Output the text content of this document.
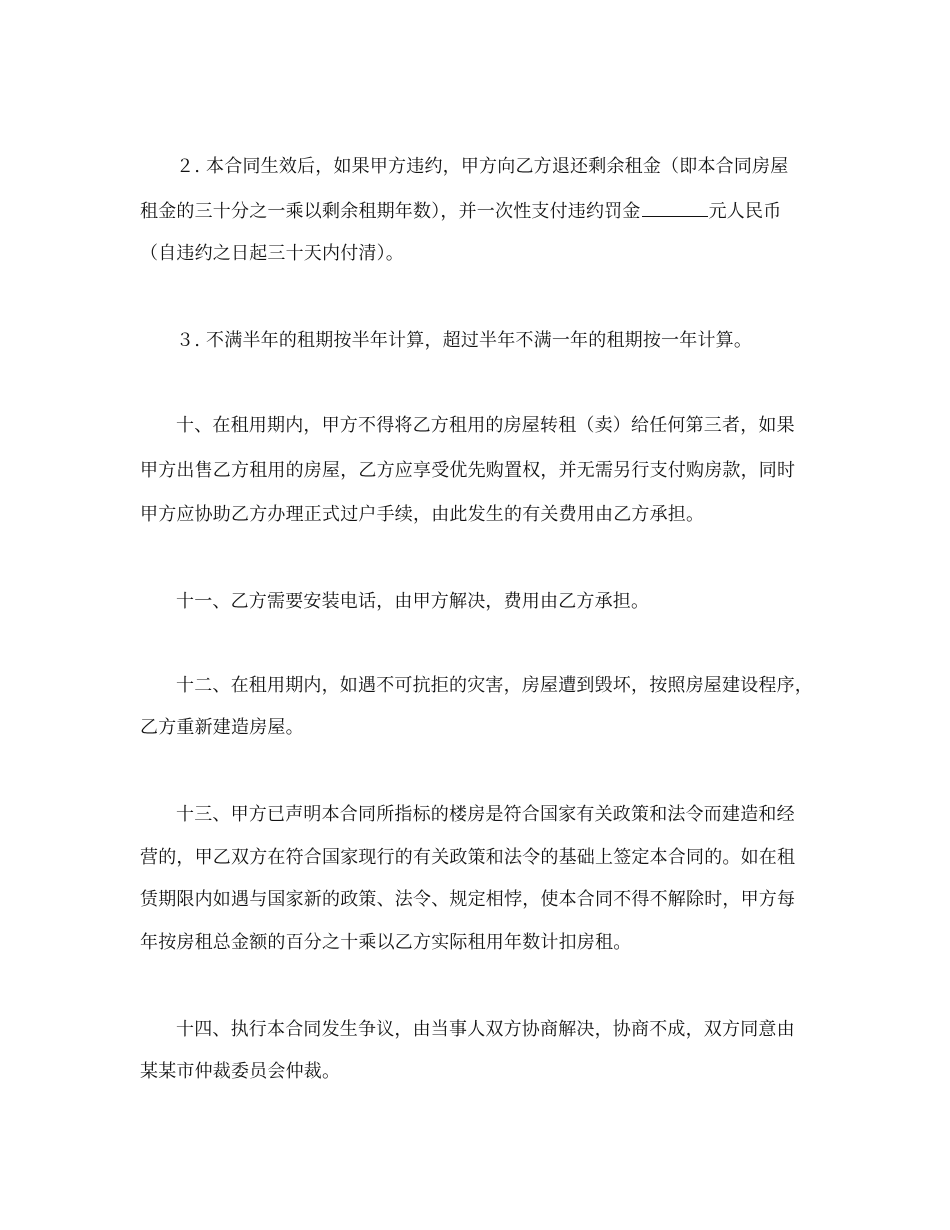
２. 本合同生效后，如果甲方违约，甲方向乙方退还剩余租金（即本合同房屋
租金的三十分之一乘以剩余租期年数），并一次性支付违约罚金	元人民币
（自违约之日起三十天内付清）。
３. 不满半年的租期按半年计算，超过半年不满一年的租期按一年计算。
十、在租用期内，甲方不得将乙方租用的房屋转租（卖）给任何第三者，如果
甲方出售乙方租用的房屋，乙方应享受优先购置权，并无需另行支付购房款，同时
甲方应协助乙方办理正式过户手续，由此发生的有关费用由乙方承担。
十一、乙方需要安装电话，由甲方解决，费用由乙方承担。
十二、在租用期内，如遇不可抗拒的灾害，房屋遭到毁坏，按照房屋建设程序，
乙方重新建造房屋。
十三、甲方已声明本合同所指标的楼房是符合国家有关政策和法令而建造和经
营的，甲乙双方在符合国家现行的有关政策和法令的基础上签定本合同的。如在租
赁期限内如遇与国家新的政策、法令、规定相悖，使本合同不得不解除时，甲方每
年按房租总金额的百分之十乘以乙方实际租用年数计扣房租。
十四、执行本合同发生争议，由当事人双方协商解决，协商不成，双方同意由
某某市仲裁委员会仲裁。
